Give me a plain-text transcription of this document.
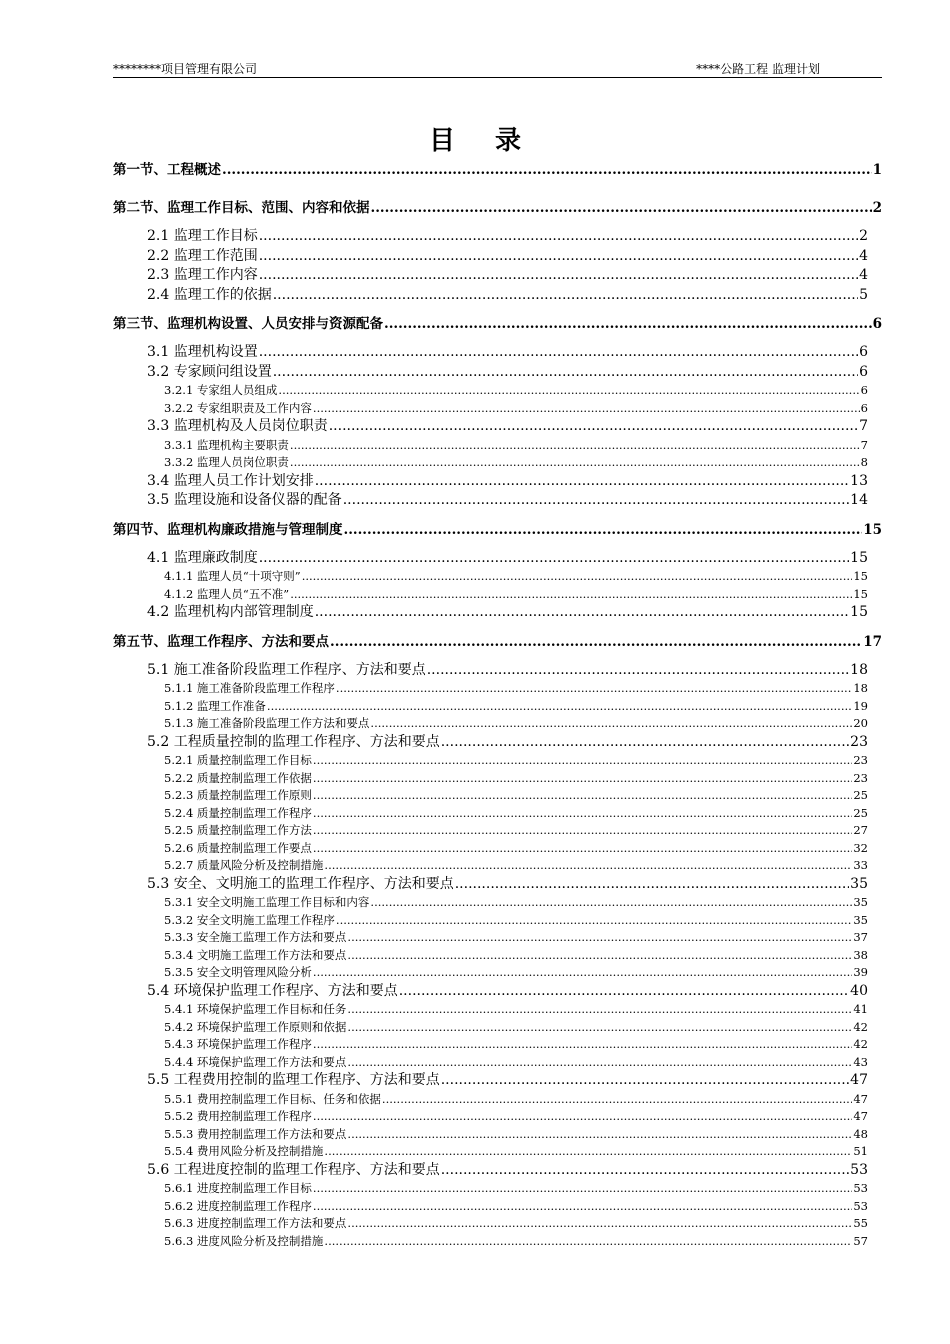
********项目管理有限公司	****公路工程 监理计划
目录
第一节、工程概述 .....	1
第二节、监理工作目标、范围、内容和依据 .....	2
2.1 监理工作目标 .....	2
2.2 监理工作范围 .....	4
2.3 监理工作内容 .....	4
2.4 监理工作的依据 .....	5
第三节、监理机构设置、人员安排与资源配备 .....	6
3.1 监理机构设置 .....	6
3.2 专家顾问组设置 .....	6
3.2.1 专家组人员组成 .....	6
3.2.2 专家组职责及工作内容 .....	6
3.3 监理机构及人员岗位职责 .....	7
3.3.1 监理机构主要职责 .....	7
3.3.2 监理人员岗位职责 .....	8
3.4 监理人员工作计划安排 .....	13
3.5 监理设施和设备仪器的配备 .....	14
第四节、监理机构廉政措施与管理制度 .....	15
4.1 监理廉政制度 .....	15
4.1.1 监理人员“十项守则” .....	15
4.1.2 监理人员“五不准” .....	15
4.2 监理机构内部管理制度 .....	15
第五节、监理工作程序、方法和要点 .....	17
5.1 施工准备阶段监理工作程序、方法和要点 .....	18
5.1.1 施工准备阶段监理工作程序 .....	18
5.1.2 监理工作准备 .....	19
5.1.3 施工准备阶段监理工作方法和要点 .....	20
5.2 工程质量控制的监理工作程序、方法和要点 .....	23
5.2.1 质量控制监理工作目标 .....	23
5.2.2 质量控制监理工作依据 .....	23
5.2.3 质量控制监理工作原则 .....	25
5.2.4 质量控制监理工作程序 .....	25
5.2.5 质量控制监理工作方法 .....	27
5.2.6 质量控制监理工作要点 .....	32
5.2.7 质量风险分析及控制措施 .....	33
5.3 安全、文明施工的监理工作程序、方法和要点 .....	35
5.3.1 安全文明施工监理工作目标和内容 .....	35
5.3.2 安全文明施工监理工作程序 .....	35
5.3.3 安全施工监理工作方法和要点 .....	37
5.3.4 文明施工监理工作方法和要点 .....	38
5.3.5 安全文明管理风险分析 .....	39
5.4 环境保护监理工作程序、方法和要点 .....	40
5.4.1 环境保护监理工作目标和任务 .....	41
5.4.2 环境保护监理工作原则和依据 .....	42
5.4.3 环境保护监理工作程序 .....	42
5.4.4 环境保护监理工作方法和要点 .....	43
5.5 工程费用控制的监理工作程序、方法和要点 .....	47
5.5.1 费用控制监理工作目标、任务和依据 .....	47
5.5.2 费用控制监理工作程序 .....	47
5.5.3 费用控制监理工作方法和要点 .....	48
5.5.4 费用风险分析及控制措施 .....	51
5.6 工程进度控制的监理工作程序、方法和要点 .....	53
5.6.1 进度控制监理工作目标 .....	53
5.6.2 进度控制监理工作程序 .....	53
5.6.3 进度控制监理工作方法和要点 .....	55
5.6.3 进度风险分析及控制措施 .....	57
